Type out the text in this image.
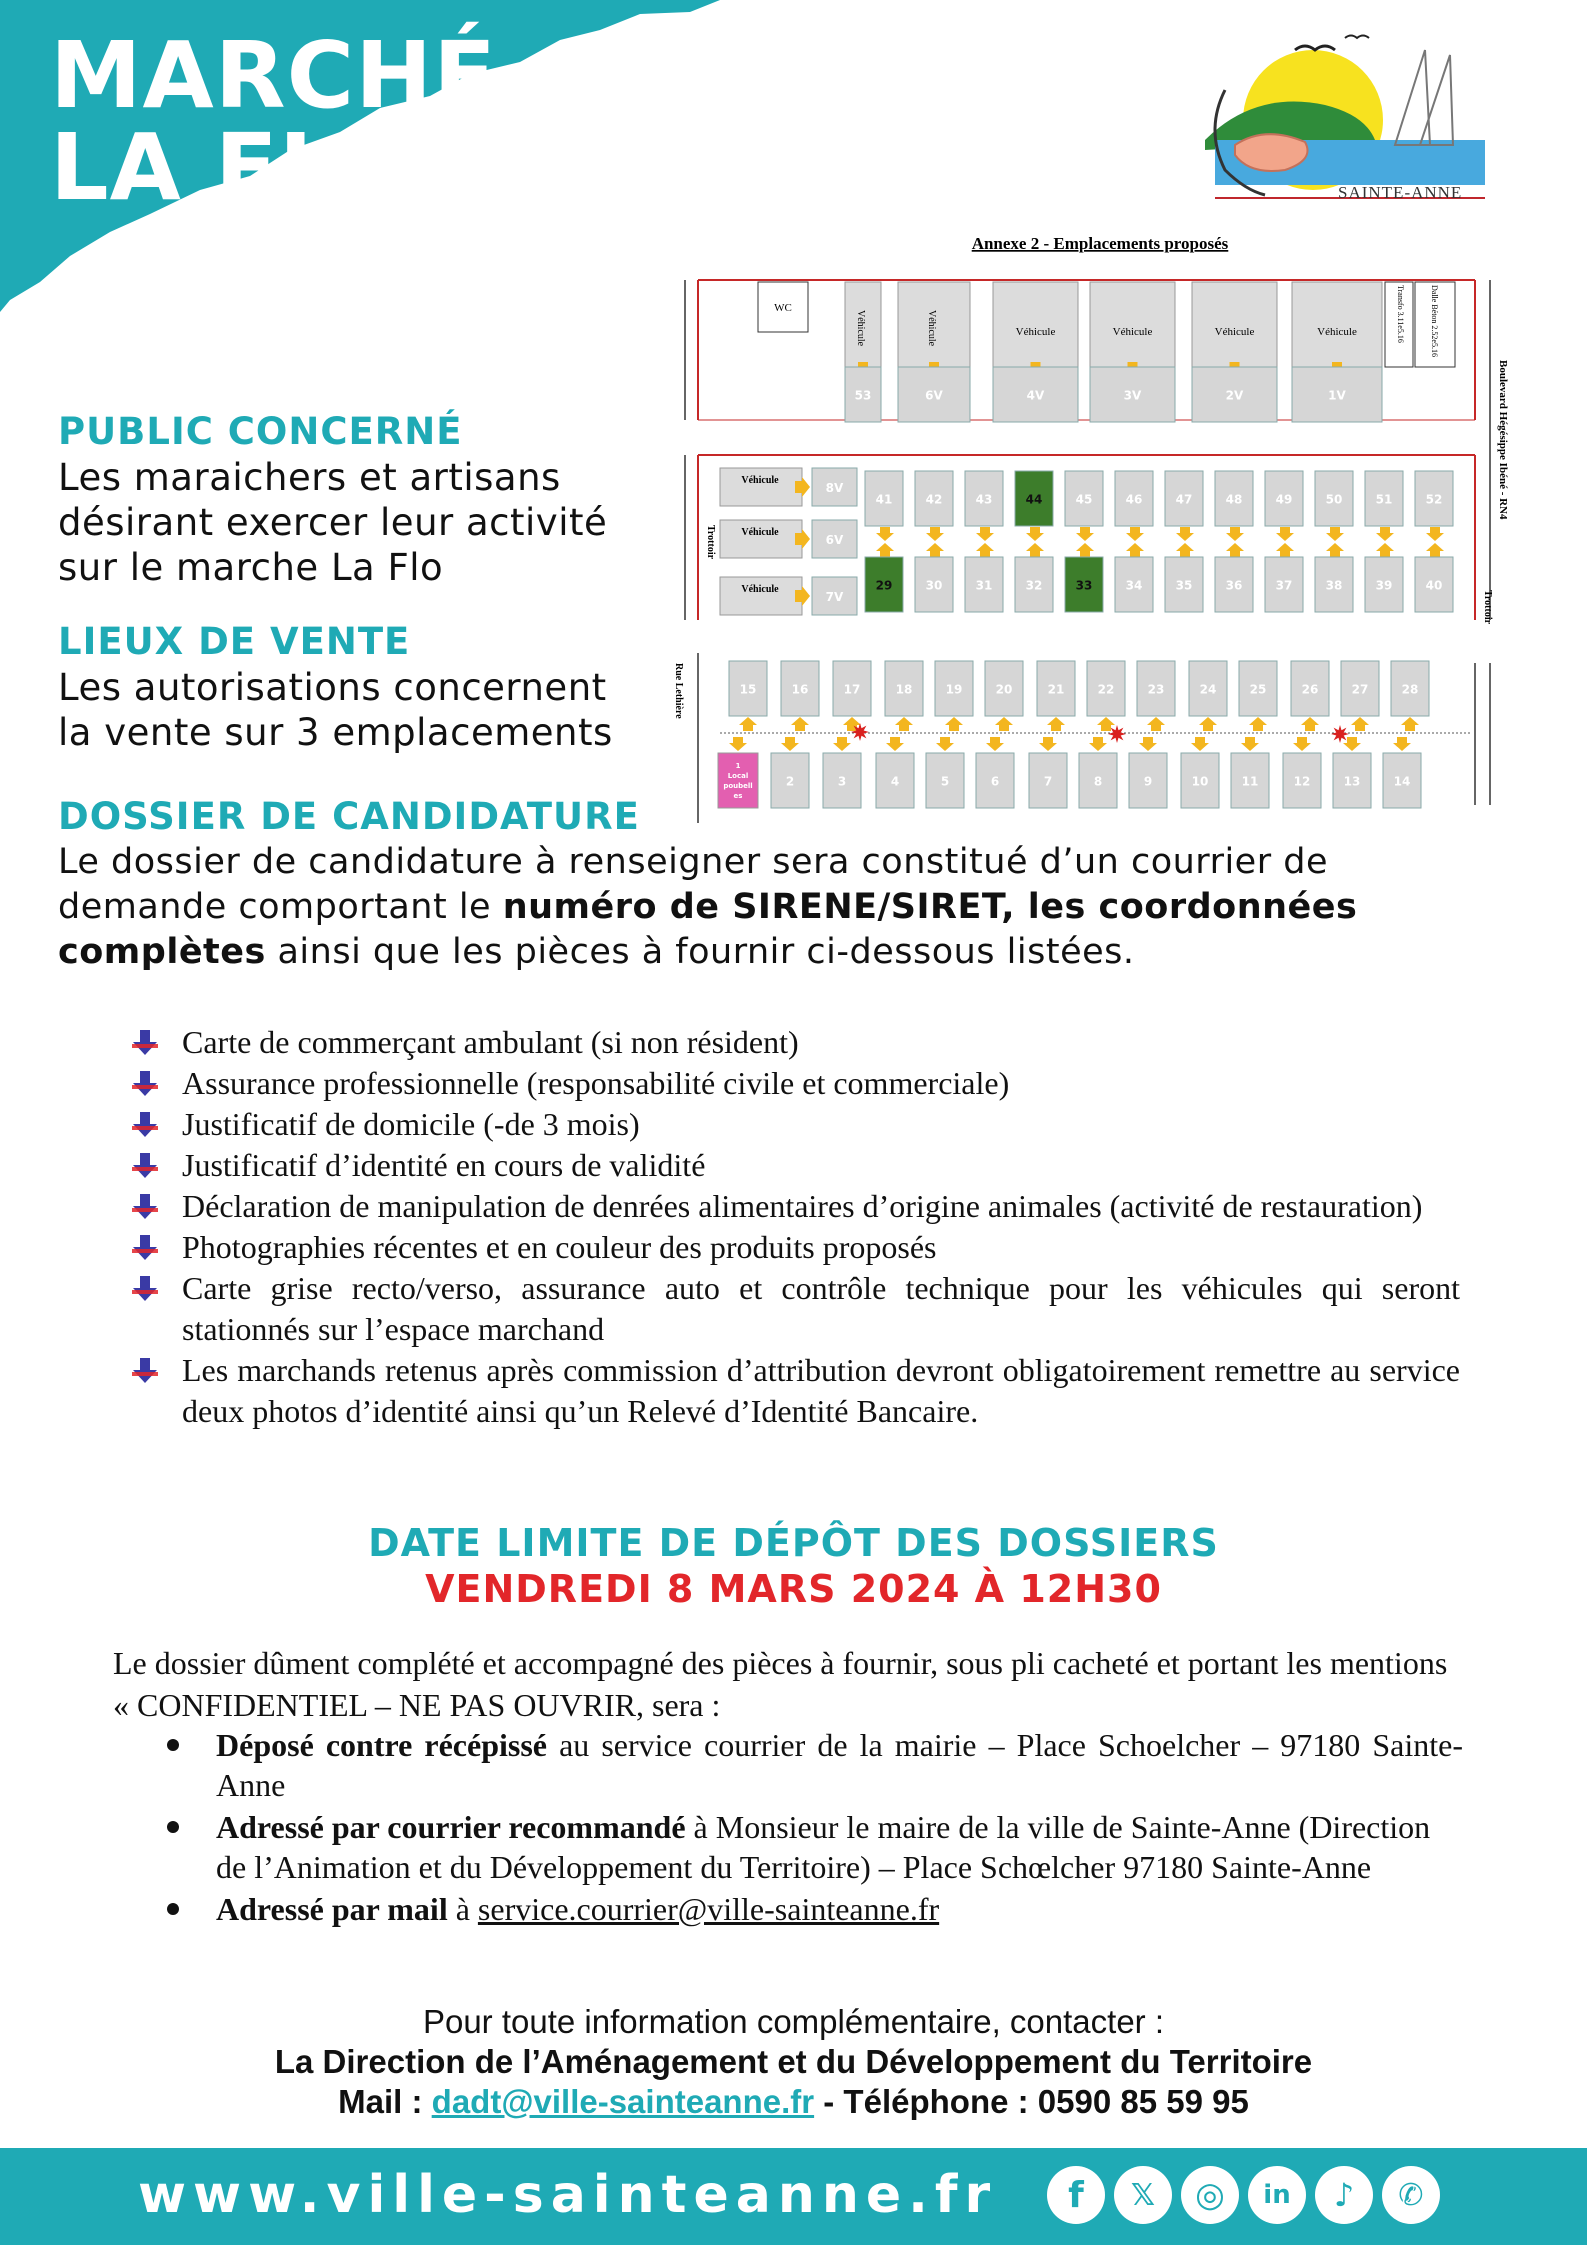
MARCHÉ
LA FLO	SAINTE-ANNE
PUBLIC CONCERNÉ
Les maraichers et artisans
désirant exercer leur activité
sur le marche La Flo
LIEUX DE VENTE
Les autorisations concernent
la vente sur 3 emplacements
DOSSIER DE CANDIDATURE
Le dossier de candidature à renseigner sera constitué d’un courrier de
demande comportant le numéro de SIRENE/SIRET, les coordonnées
complètes ainsi que les pièces à fournir ci-dessous listées.
Annexe 2 - Emplacements proposés
WC	Transfo 3.11e5.16	Dalle Béton 2.52e5.16
Véhicule
53
Véhicule
6V
Véhicule
4V
Véhicule
3V
Véhicule
2V
Véhicule
1V	Boulevard Hégésippe Ibéné - RN4
Trottoir
Trottoir
Véhicule
8V
Véhicule
6V
Véhicule
7V
41
29
42
30
43
31
44
32
45
33
46
34
47
35
48
36
49
37
50
38
51
39
52
40
Rue Lethière	15	16	17	18	19	20	21	22	23	24	25	26	27	28
1
Local
poubell
es
2	3	4	5	6	7	8	9	10	11	12	13	14
Carte de commerçant ambulant (si non résident)
Assurance professionnelle (responsabilité civile et commerciale)
Justificatif de domicile (-de 3 mois)
Justificatif d’identité en cours de validité
Déclaration de manipulation de denrées alimentaires d’origine animales (activité de restauration)
Photographies récentes et en couleur des produits proposés
Carte grise recto/verso, assurance auto et contrôle technique pour les véhicules qui seront stationnés sur l’espace marchand
Les marchands retenus après commission d’attribution devront obligatoirement remettre au service deux photos d’identité ainsi qu’un Relevé d’Identité Bancaire.
DATE LIMITE DE DÉPÔT DES DOSSIERS
VENDREDI 8 MARS 2024 À 12H30
Le dossier dûment complété et accompagné des pièces à fournir, sous pli cacheté et portant les mentions « CONFIDENTIEL – NE PAS OUVRIR, sera :
Déposé contre récépissé au service courrier de la mairie – Place Schoelcher – 97180 Sainte-Anne
Adressé par courrier recommandé à Monsieur le maire de la ville de Sainte-Anne (Direction de l’Animation et du Développement du Territoire) – Place Schœlcher 97180 Sainte-Anne
Adressé par mail à service.courrier@ville-sainteanne.fr
Pour toute information complémentaire, contacter :
La Direction de l’Aménagement et du Développement du Territoire
Mail : dadt@ville-sainteanne.fr - Téléphone : 0590 85 59 95
www.ville-sainteanne.fr	f	𝕏	◎	in	♪	✆
